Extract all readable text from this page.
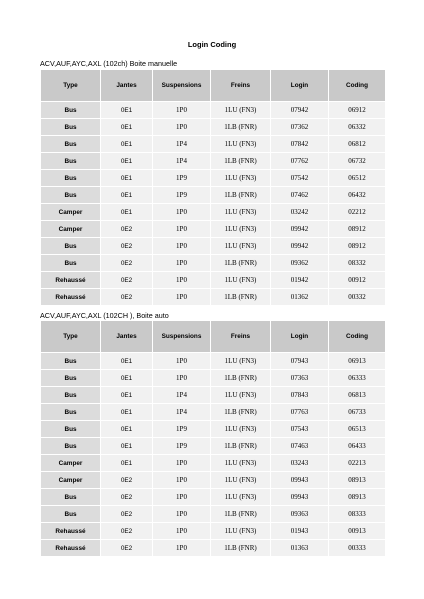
Login Coding
ACV,AUF,AYC,AXL (102ch) Boite manuelle
Type	Jantes	Suspensions	Freins	Login	Coding
Bus	0E1	1P0	1LU (FN3)	07942	06912
Bus	0E1	1P0	1LB (FNR)	07362	06332
Bus	0E1	1P4	1LU (FN3)	07842	06812
Bus	0E1	1P4	1LB (FNR)	07762	06732
Bus	0E1	1P9	1LU (FN3)	07542	06512
Bus	0E1	1P9	1LB (FNR)	07462	06432
Camper	0E1	1P0	1LU (FN3)	03242	02212
Camper	0E2	1P0	1LU (FN3)	09942	08912
Bus	0E2	1P0	1LU (FN3)	09942	08912
Bus	0E2	1P0	1LB (FNR)	09362	08332
Rehaussé	0E2	1P0	1LU (FN3)	01942	00912
Rehaussé	0E2	1P0	1LB (FNR)	01362	00332
ACV,AUF,AYC,AXL (102CH ), Boite auto
Type	Jantes	Suspensions	Freins	Login	Coding
Bus	0E1	1P0	1LU (FN3)	07943	06913
Bus	0E1	1P0	1LB (FNR)	07363	06333
Bus	0E1	1P4	1LU (FN3)	07843	06813
Bus	0E1	1P4	1LB (FNR)	07763	06733
Bus	0E1	1P9	1LU (FN3)	07543	06513
Bus	0E1	1P9	1LB (FNR)	07463	06433
Camper	0E1	1P0	1LU (FN3)	03243	02213
Camper	0E2	1P0	1LU (FN3)	09943	08913
Bus	0E2	1P0	1LU (FN3)	09943	08913
Bus	0E2	1P0	1LB (FNR)	09363	08333
Rehaussé	0E2	1P0	1LU (FN3)	01943	00913
Rehaussé	0E2	1P0	1LB (FNR)	01363	00333
